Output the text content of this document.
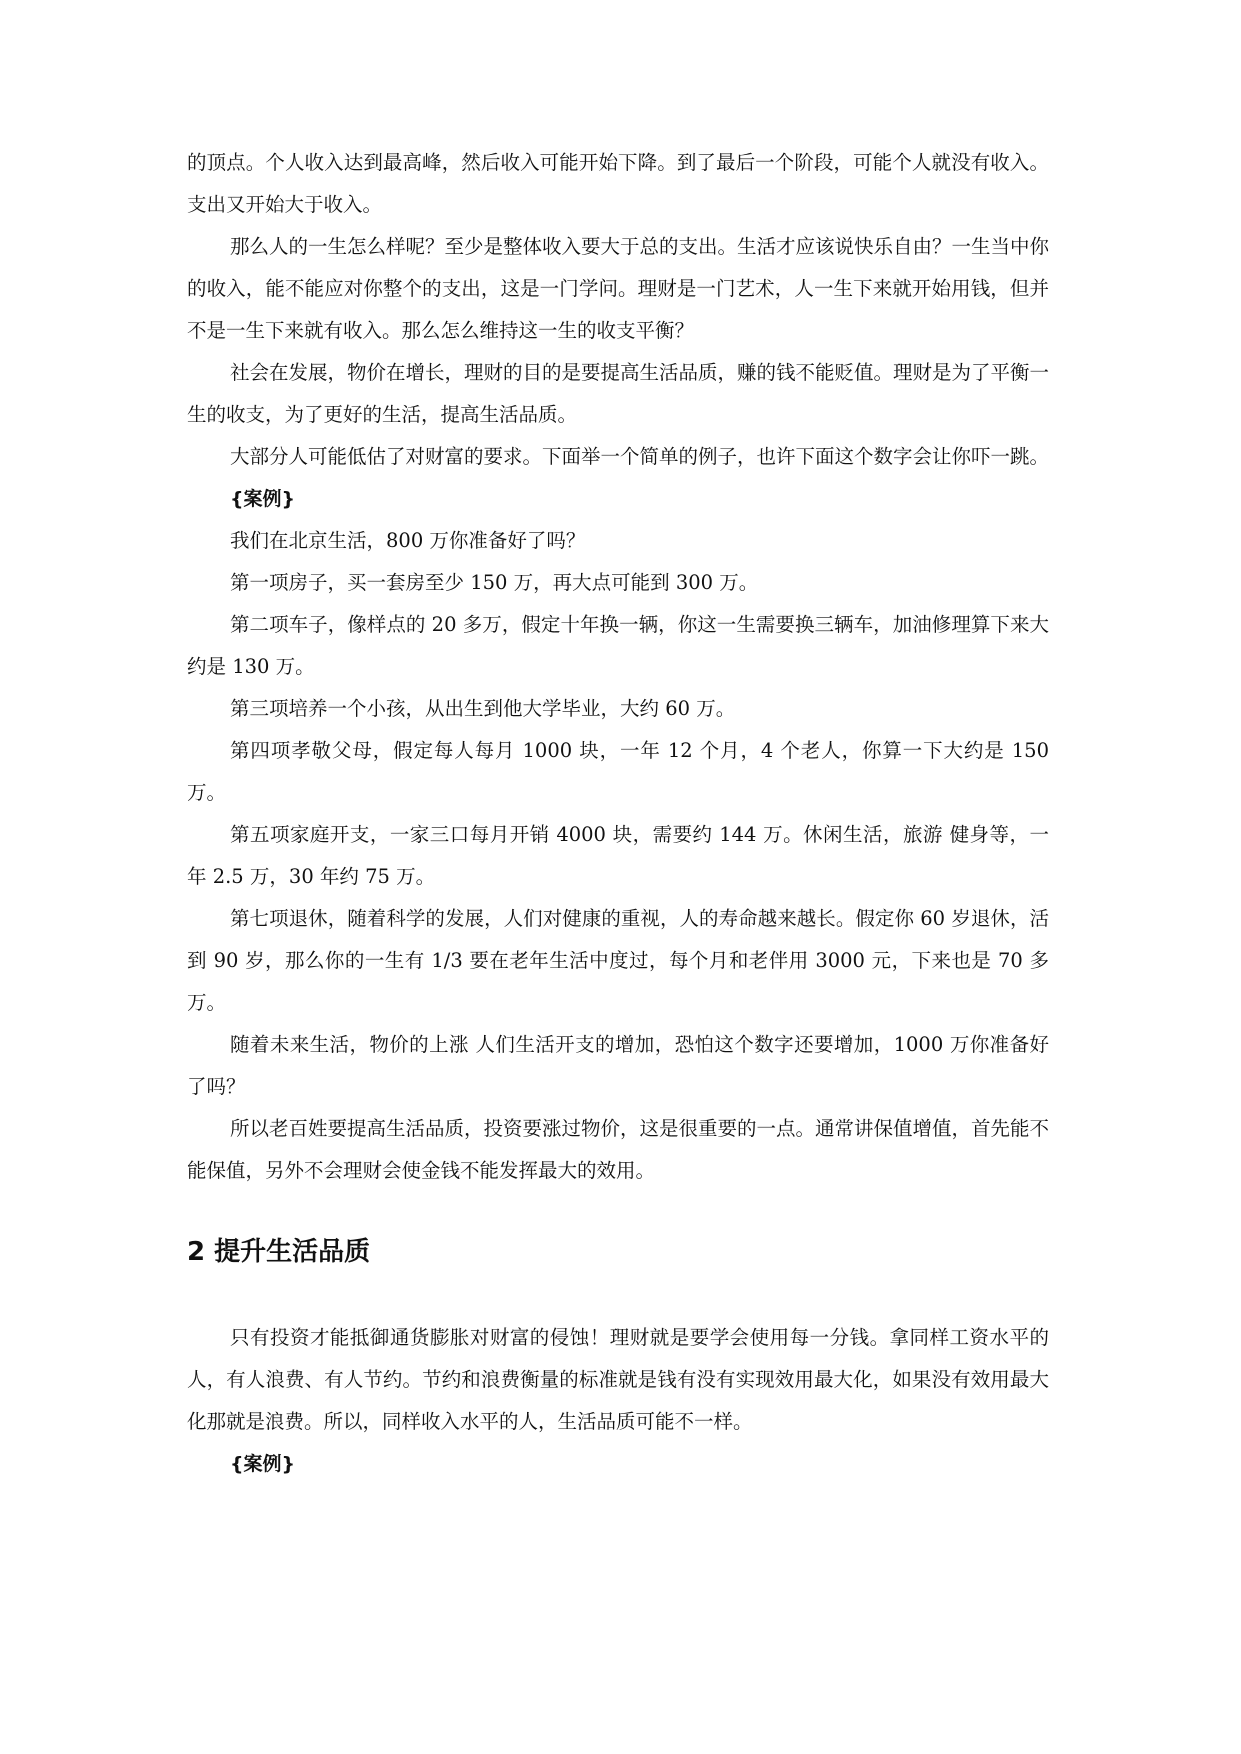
的顶点。个人收入达到最高峰，然后收入可能开始下降。到了最后一个阶段，可能个人就没有收入。支出又开始大于收入。

那么人的一生怎么样呢？至少是整体收入要大于总的支出。生活才应该说快乐自由？一生当中你的收入，能不能应对你整个的支出，这是一门学问。理财是一门艺术，人一生下来就开始用钱，但并不是一生下来就有收入。那么怎么维持这一生的收支平衡？

社会在发展，物价在增长，理财的目的是要提高生活品质，赚的钱不能贬值。理财是为了平衡一生的收支，为了更好的生活，提高生活品质。

大部分人可能低估了对财富的要求。下面举一个简单的例子，也许下面这个数字会让你吓一跳。

{案例}

我们在北京生活，800 万你准备好了吗？

第一项房子，买一套房至少 150 万，再大点可能到 300 万。

第二项车子，像样点的 20 多万，假定十年换一辆，你这一生需要换三辆车，加油修理算下来大约是 130 万。

第三项培养一个小孩，从出生到他大学毕业，大约 60 万。

第四项孝敬父母，假定每人每月 1000 块，一年 12 个月，4 个老人，你算一下大约是 150 万。

第五项家庭开支，一家三口每月开销 4000 块，需要约 144 万。休闲生活，旅游 健身等，一年 2.5 万，30 年约 75 万。

第七项退休，随着科学的发展，人们对健康的重视，人的寿命越来越长。假定你 60 岁退休，活到 90 岁，那么你的一生有 1/3 要在老年生活中度过，每个月和老伴用 3000 元，下来也是 70 多万。

随着未来生活，物价的上涨 人们生活开支的增加，恐怕这个数字还要增加，1000 万你准备好了吗？

所以老百姓要提高生活品质，投资要涨过物价，这是很重要的一点。通常讲保值增值，首先能不能保值，另外不会理财会使金钱不能发挥最大的效用。

2 提升生活品质

只有投资才能抵御通货膨胀对财富的侵蚀！理财就是要学会使用每一分钱。拿同样工资水平的人，有人浪费、有人节约。节约和浪费衡量的标准就是钱有没有实现效用最大化，如果没有效用最大化那就是浪费。所以，同样收入水平的人，生活品质可能不一样。

{案例}
